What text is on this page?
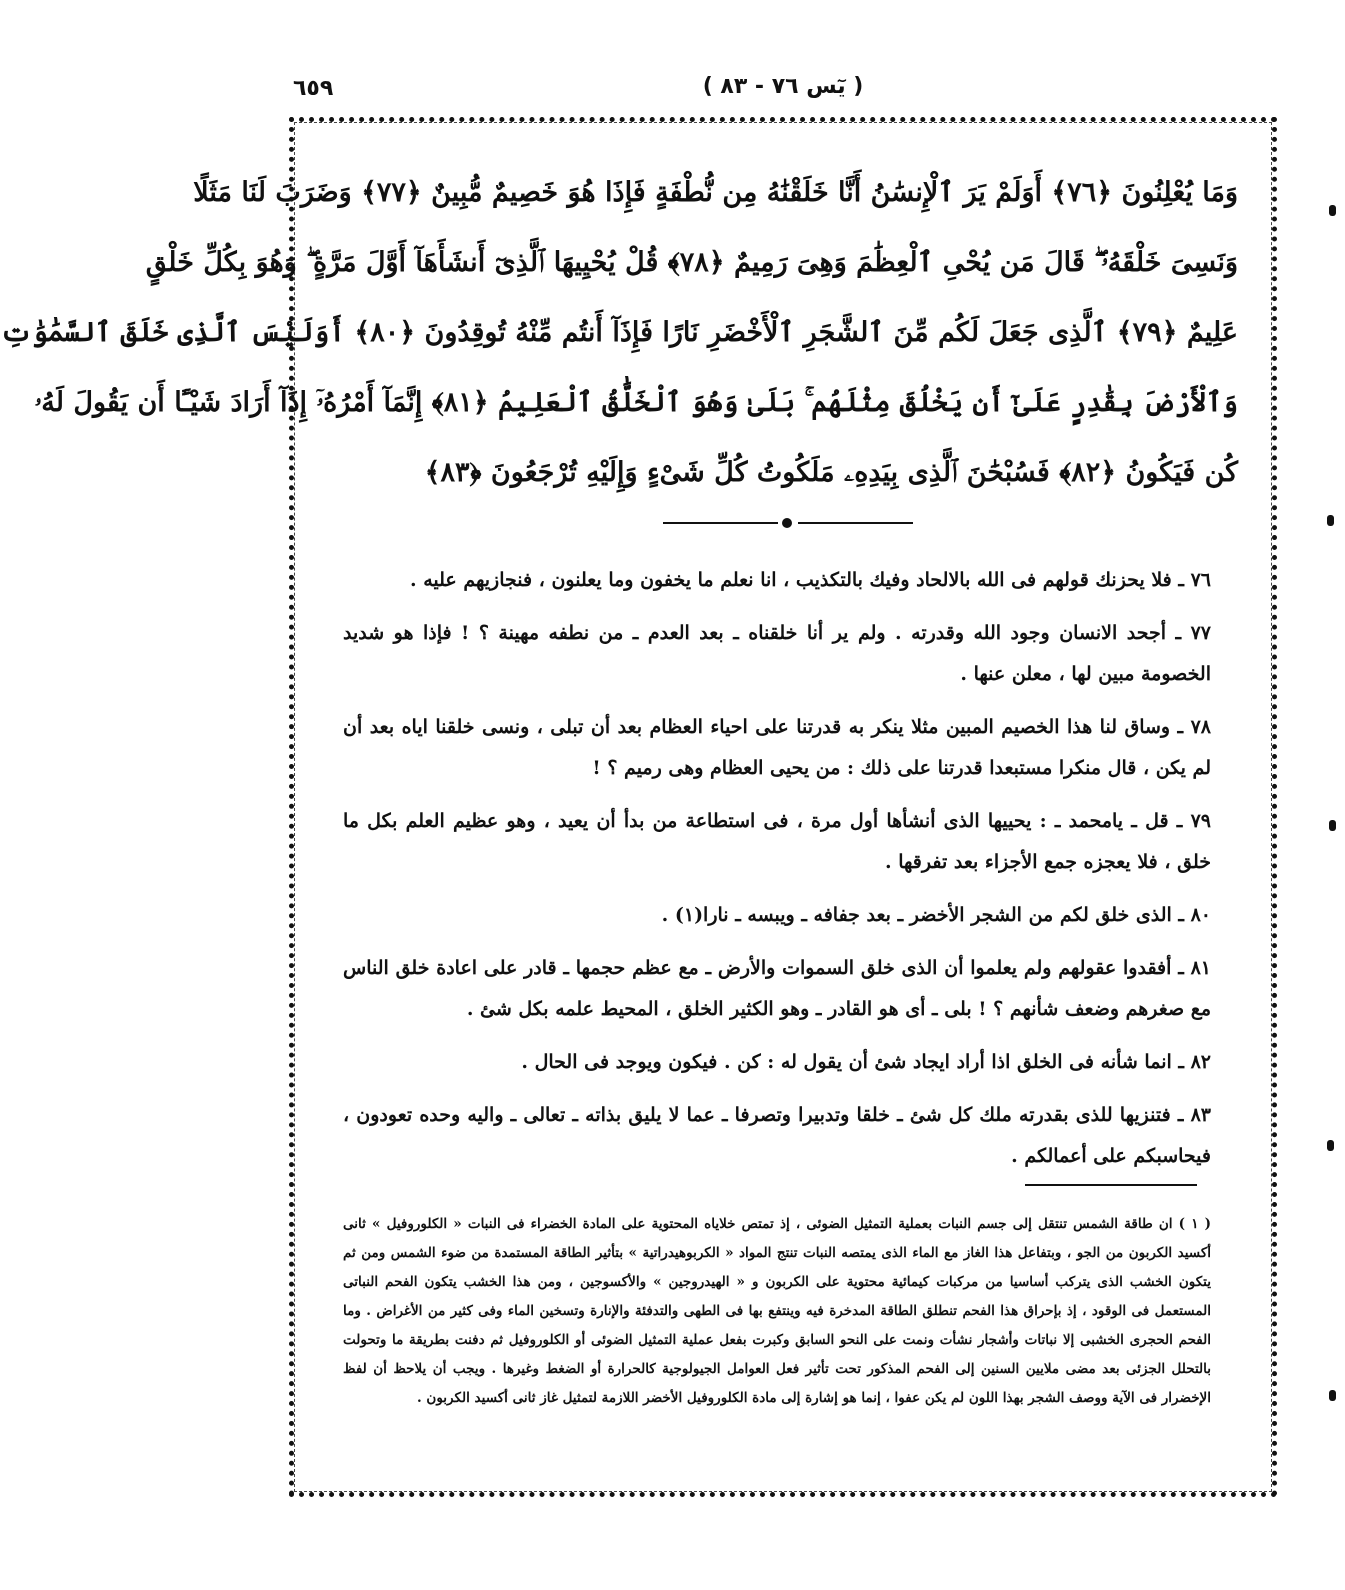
٦٥٩	( يٓس ٧٦ - ٨٣ )
وَمَا يُعْلِنُونَ ﴿٧٦﴾ أَوَلَمْ يَرَ ٱلْإِنسَٰنُ أَنَّا خَلَقْنَٰهُ مِن نُّطْفَةٍ فَإِذَا هُوَ خَصِيمٌ مُّبِينٌ ﴿٧٧﴾ وَضَرَبَ لَنَا مَثَلًا
وَنَسِىَ خَلْقَهُۥ ۖ قَالَ مَن يُحْىِ ٱلْعِظَٰمَ وَهِىَ رَمِيمٌ ﴿٧٨﴾ قُلْ يُحْيِيهَا ٱلَّذِىٓ أَنشَأَهَآ أَوَّلَ مَرَّةٍ ۖ وَهُوَ بِكُلِّ خَلْقٍ
عَلِيمٌ ﴿٧٩﴾ ٱلَّذِى جَعَلَ لَكُم مِّنَ ٱلشَّجَرِ ٱلْأَخْضَرِ نَارًا فَإِذَآ أَنتُم مِّنْهُ تُوقِدُونَ ﴿٨٠﴾ أَوَلَيْسَ ٱلَّذِى خَلَقَ ٱلسَّمَٰوَٰتِ
وَٱلْأَرْضَ بِقَٰدِرٍ عَلَىٰٓ أَن يَخْلُقَ مِثْلَهُم ۚ بَلَىٰ وَهُوَ ٱلْخَلَّٰقُ ٱلْعَلِيمُ ﴿٨١﴾ إِنَّمَآ أَمْرُهُۥٓ إِذَآ أَرَادَ شَيْـًٔا أَن يَقُولَ لَهُۥ
كُن فَيَكُونُ ﴿٨٢﴾ فَسُبْحَٰنَ ٱلَّذِى بِيَدِهِۦ مَلَكُوتُ كُلِّ شَىْءٍ وَإِلَيْهِ تُرْجَعُونَ ﴿٨٣﴾

٧٦ ـ فلا يحزنك قولهم فى الله بالالحاد وفيك بالتكذيب ، انا نعلم ما يخفون وما يعلنون ، فنجازيهم عليه .

٧٧ ـ أجحد الانسان وجود الله وقدرته . ولم ير أنا خلقناه ـ بعد العدم ـ من نطفه مهينة ؟ ! فإذا هو شديد الخصومة مبين لها ، معلن عنها .

٧٨ ـ وساق لنا هذا الخصيم المبين مثلا ينكر به قدرتنا على احياء العظام بعد أن تبلى ، ونسى خلقنا اياه بعد أن لم يكن ، قال منكرا مستبعدا قدرتنا على ذلك : من يحيى العظام وهى رميم ؟ !

٧٩ ـ قل ـ يامحمد ـ : يحييها الذى أنشأها أول مرة ، فى استطاعة من بدأ أن يعيد ، وهو عظيم العلم بكل ما خلق ، فلا يعجزه جمع الأجزاء بعد تفرقها .

٨٠ ـ الذى خلق لكم من الشجر الأخضر ـ بعد جفافه ـ ويبسه ـ نارا(١) .

٨١ ـ أفقدوا عقولهم ولم يعلموا أن الذى خلق السموات والأرض ـ مع عظم حجمها ـ قادر على اعادة خلق الناس مع صغرهم وضعف شأنهم ؟ ! بلى ـ أى هو القادر ـ وهو الكثير الخلق ، المحيط علمه بكل شئ .

٨٢ ـ انما شأنه فى الخلق اذا أراد ايجاد شئ أن يقول له : كن . فيكون ويوجد فى الحال .

٨٣ ـ فتنزيها للذى بقدرته ملك كل شئ ـ خلقا وتدبيرا وتصرفا ـ عما لا يليق بذاته ـ تعالى ـ واليه وحده تعودون ، فيحاسبكم على أعمالكم .

( ١ ) ان طاقة الشمس تنتقل إلى جسم النبات بعملية التمثيل الضوئى ، إذ تمتص خلاياه المحتوية على المادة الخضراء فى النبات « الكلوروفيل » ثانى أكسيد الكربون من الجو ، وبتفاعل هذا الغاز مع الماء الذى يمتصه النبات تنتج المواد « الكربوهيدراتية » بتأثير الطاقة المستمدة من ضوء الشمس ومن ثم يتكون الخشب الذى يتركب أساسيا من مركبات كيمائية محتوية على الكربون و « الهيدروجين » والأكسوجين ، ومن هذا الخشب يتكون الفحم النباتى المستعمل فى الوقود ، إذ بإحراق هذا الفحم تنطلق الطاقة المدخرة فيه وينتفع بها فى الطهى والتدفئة والإنارة وتسخين الماء وفى كثير من الأغراض . وما الفحم الحجرى الخشبى إلا نباتات وأشجار نشأت ونمت على النحو السابق وكبرت بفعل عملية التمثيل الضوئى أو الكلوروفيل ثم دفنت بطريقة ما وتحولت بالتحلل الجزئى بعد مضى ملايين السنين إلى الفحم المذكور تحت تأثير فعل العوامل الجيولوجية كالحرارة أو الضغط وغيرها . ويجب أن يلاحظ أن لفظ الإخضرار فى الآية ووصف الشجر بهذا اللون لم يكن عفوا ، إنما هو إشارة إلى مادة الكلوروفيل الأخضر اللازمة لتمثيل غاز ثانى أكسيد الكربون .
